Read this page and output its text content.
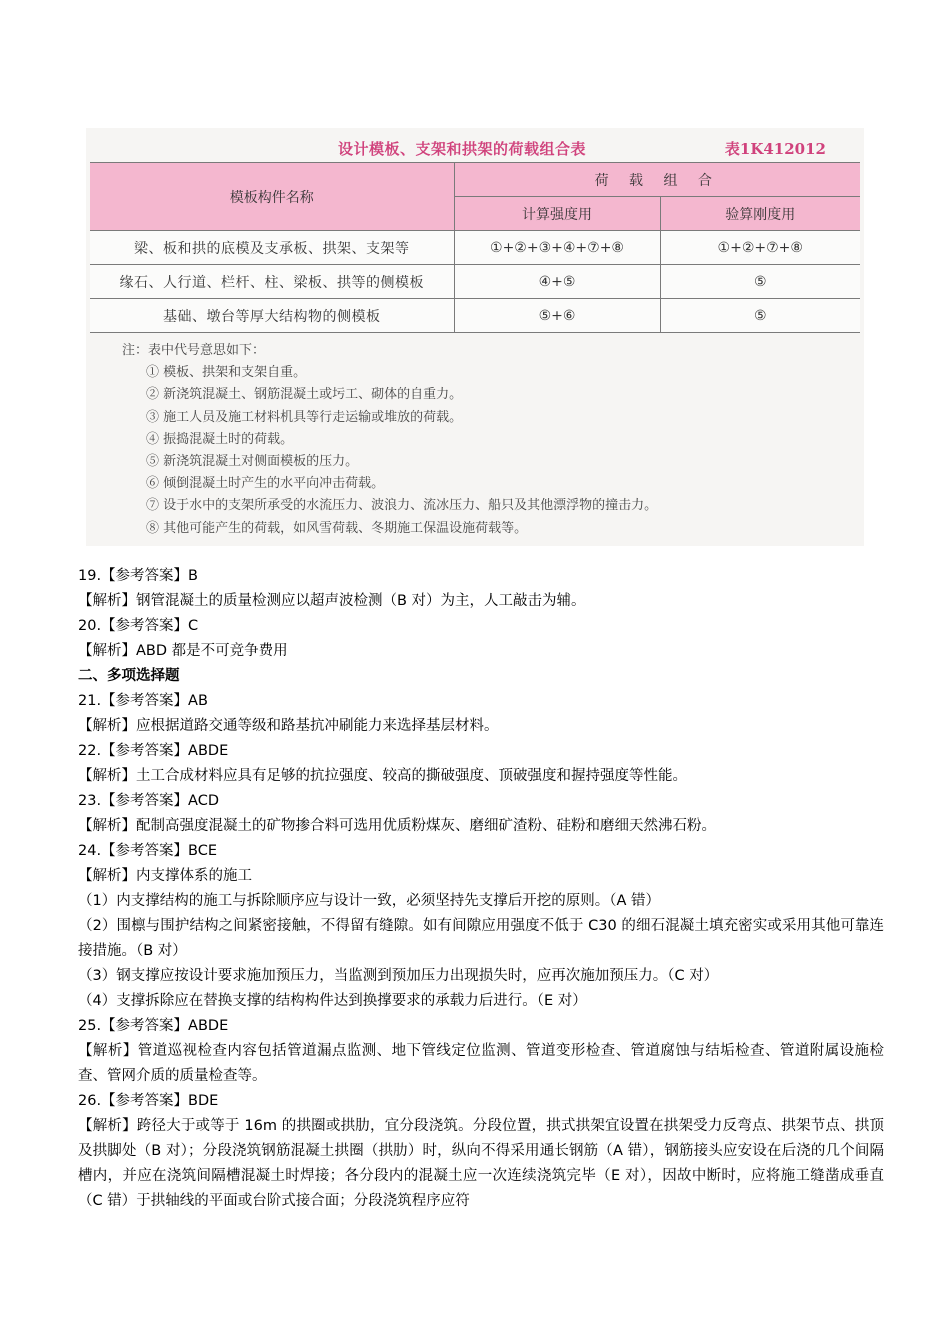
设计模板、支架和拱架的荷载组合表	表1K412012
模板构件名称	荷 载 组 合	
	计算强度用	验算刚度用
梁、板和拱的底模及支承板、拱架、支架等	①+②+③+④+⑦+⑧	①+②+⑦+⑧
缘石、人行道、栏杆、柱、梁板、拱等的侧模板	④+⑤	⑤
基础、墩台等厚大结构物的侧模板	⑤+⑥	⑤
注：表中代号意思如下：
① 模板、拱架和支架自重。
② 新浇筑混凝土、钢筋混凝土或圬工、砌体的自重力。
③ 施工人员及施工材料机具等行走运输或堆放的荷载。
④ 振捣混凝土时的荷载。
⑤ 新浇筑混凝土对侧面模板的压力。
⑥ 倾倒混凝土时产生的水平向冲击荷载。
⑦ 设于水中的支架所承受的水流压力、波浪力、流冰压力、船只及其他漂浮物的撞击力。
⑧ 其他可能产生的荷载，如风雪荷载、冬期施工保温设施荷载等。

19.【参考答案】B

【解析】钢管混凝土的质量检测应以超声波检测（B 对）为主，人工敲击为辅。

20.【参考答案】C

【解析】ABD 都是不可竞争费用

二、多项选择题

21.【参考答案】AB

【解析】应根据道路交通等级和路基抗冲刷能力来选择基层材料。

22.【参考答案】ABDE

【解析】土工合成材料应具有足够的抗拉强度、较高的撕破强度、顶破强度和握持强度等性能。

23.【参考答案】ACD

【解析】配制高强度混凝土的矿物掺合料可选用优质粉煤灰、磨细矿渣粉、硅粉和磨细天然沸石粉。

24.【参考答案】BCE

【解析】内支撑体系的施工

（1）内支撑结构的施工与拆除顺序应与设计一致，必须坚持先支撑后开挖的原则。（A 错）

（2）围檩与围护结构之间紧密接触，不得留有缝隙。如有间隙应用强度不低于 C30 的细石混凝土填充密实或采用其他可靠连接措施。（B 对）

（3）钢支撑应按设计要求施加预压力，当监测到预加压力出现损失时，应再次施加预压力。（C 对）

（4）支撑拆除应在替换支撑的结构构件达到换撑要求的承载力后进行。（E 对）

25.【参考答案】ABDE

【解析】管道巡视检查内容包括管道漏点监测、地下管线定位监测、管道变形检查、管道腐蚀与结垢检查、管道附属设施检查、管网介质的质量检查等。

26.【参考答案】BDE

【解析】跨径大于或等于 16m 的拱圈或拱肋，宜分段浇筑。分段位置，拱式拱架宜设置在拱架受力反弯点、拱架节点、拱顶及拱脚处（B 对）；分段浇筑钢筋混凝土拱圈（拱肋）时，纵向不得采用通长钢筋（A 错），钢筋接头应安设在后浇的几个间隔槽内，并应在浇筑间隔槽混凝土时焊接；各分段内的混凝土应一次连续浇筑完毕（E 对），因故中断时，应将施工缝凿成垂直（C 错）于拱轴线的平面或台阶式接合面；分段浇筑程序应符
